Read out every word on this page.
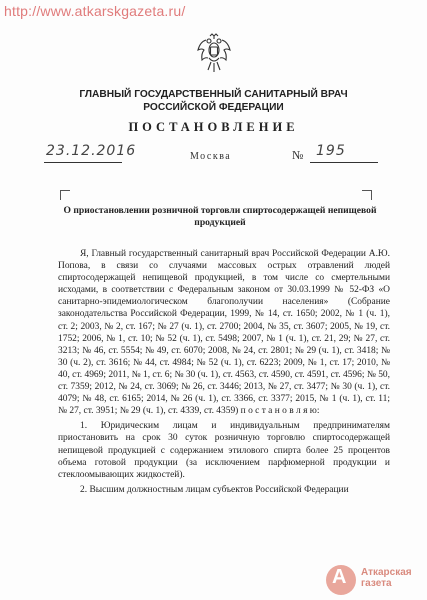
http://www.atkarskgazeta.ru/
ГЛАВНЫЙ ГОСУДАРСТВЕННЫЙ САНИТАРНЫЙ ВРАЧ
РОССИЙСКОЙ ФЕДЕРАЦИИ
ПОСТАНОВЛЕНИЕ
23.12.2016	Москва	№ 195
О приостановлении розничной торговли спиртосодержащей непищевой продукцией

Я, Главный государственный санитарный врач Российской Федерации А.Ю. Попова, в связи со случаями массовых острых отравлений людей спиртосодержащей непищевой продукцией, в том числе со смертельными исходами, в соответствии с Федеральным законом от 30.03.1999 № 52-ФЗ «О санитарно-эпидемиологическом благополучии населения» (Собрание законодательства Российской Федерации, 1999, № 14, ст. 1650; 2002, № 1 (ч. 1), ст. 2; 2003, № 2, ст. 167; № 27 (ч. 1), ст. 2700; 2004, № 35, ст. 3607; 2005, № 19, ст. 1752; 2006, № 1, ст. 10; № 52 (ч. 1), ст. 5498; 2007, № 1 (ч. 1), ст. 21, 29; № 27, ст. 3213; № 46, ст. 5554; № 49, ст. 6070; 2008, № 24, ст. 2801; № 29 (ч. 1), ст. 3418; № 30 (ч. 2), ст. 3616; № 44, ст. 4984; № 52 (ч. 1), ст. 6223; 2009, № 1, ст. 17; 2010, № 40, ст. 4969; 2011, № 1, ст. 6; № 30 (ч. 1), ст. 4563, ст. 4590, ст. 4591, ст. 4596; № 50, ст. 7359; 2012, № 24, ст. 3069; № 26, ст. 3446; 2013, № 27, ст. 3477; № 30 (ч. 1), ст. 4079; № 48, ст. 6165; 2014, № 26 (ч. 1), ст. 3366, ст. 3377; 2015, № 1 (ч. 1), ст. 11; № 27, ст. 3951; № 29 (ч. 1), ст. 4339, ст. 4359) п о с т а н о в л я ю:

1. Юридическим лицам и индивидуальным предпринимателям приостановить на срок 30 суток розничную торговлю спиртосодержащей непищевой продукцией с содержанием этилового спирта более 25 процентов объема готовой продукции (за исключением парфюмерной продукции и стеклоомывающих жидкостей).

2. Высшим должностным лицам субъектов Российской Федерации

А Аткарская
газета
